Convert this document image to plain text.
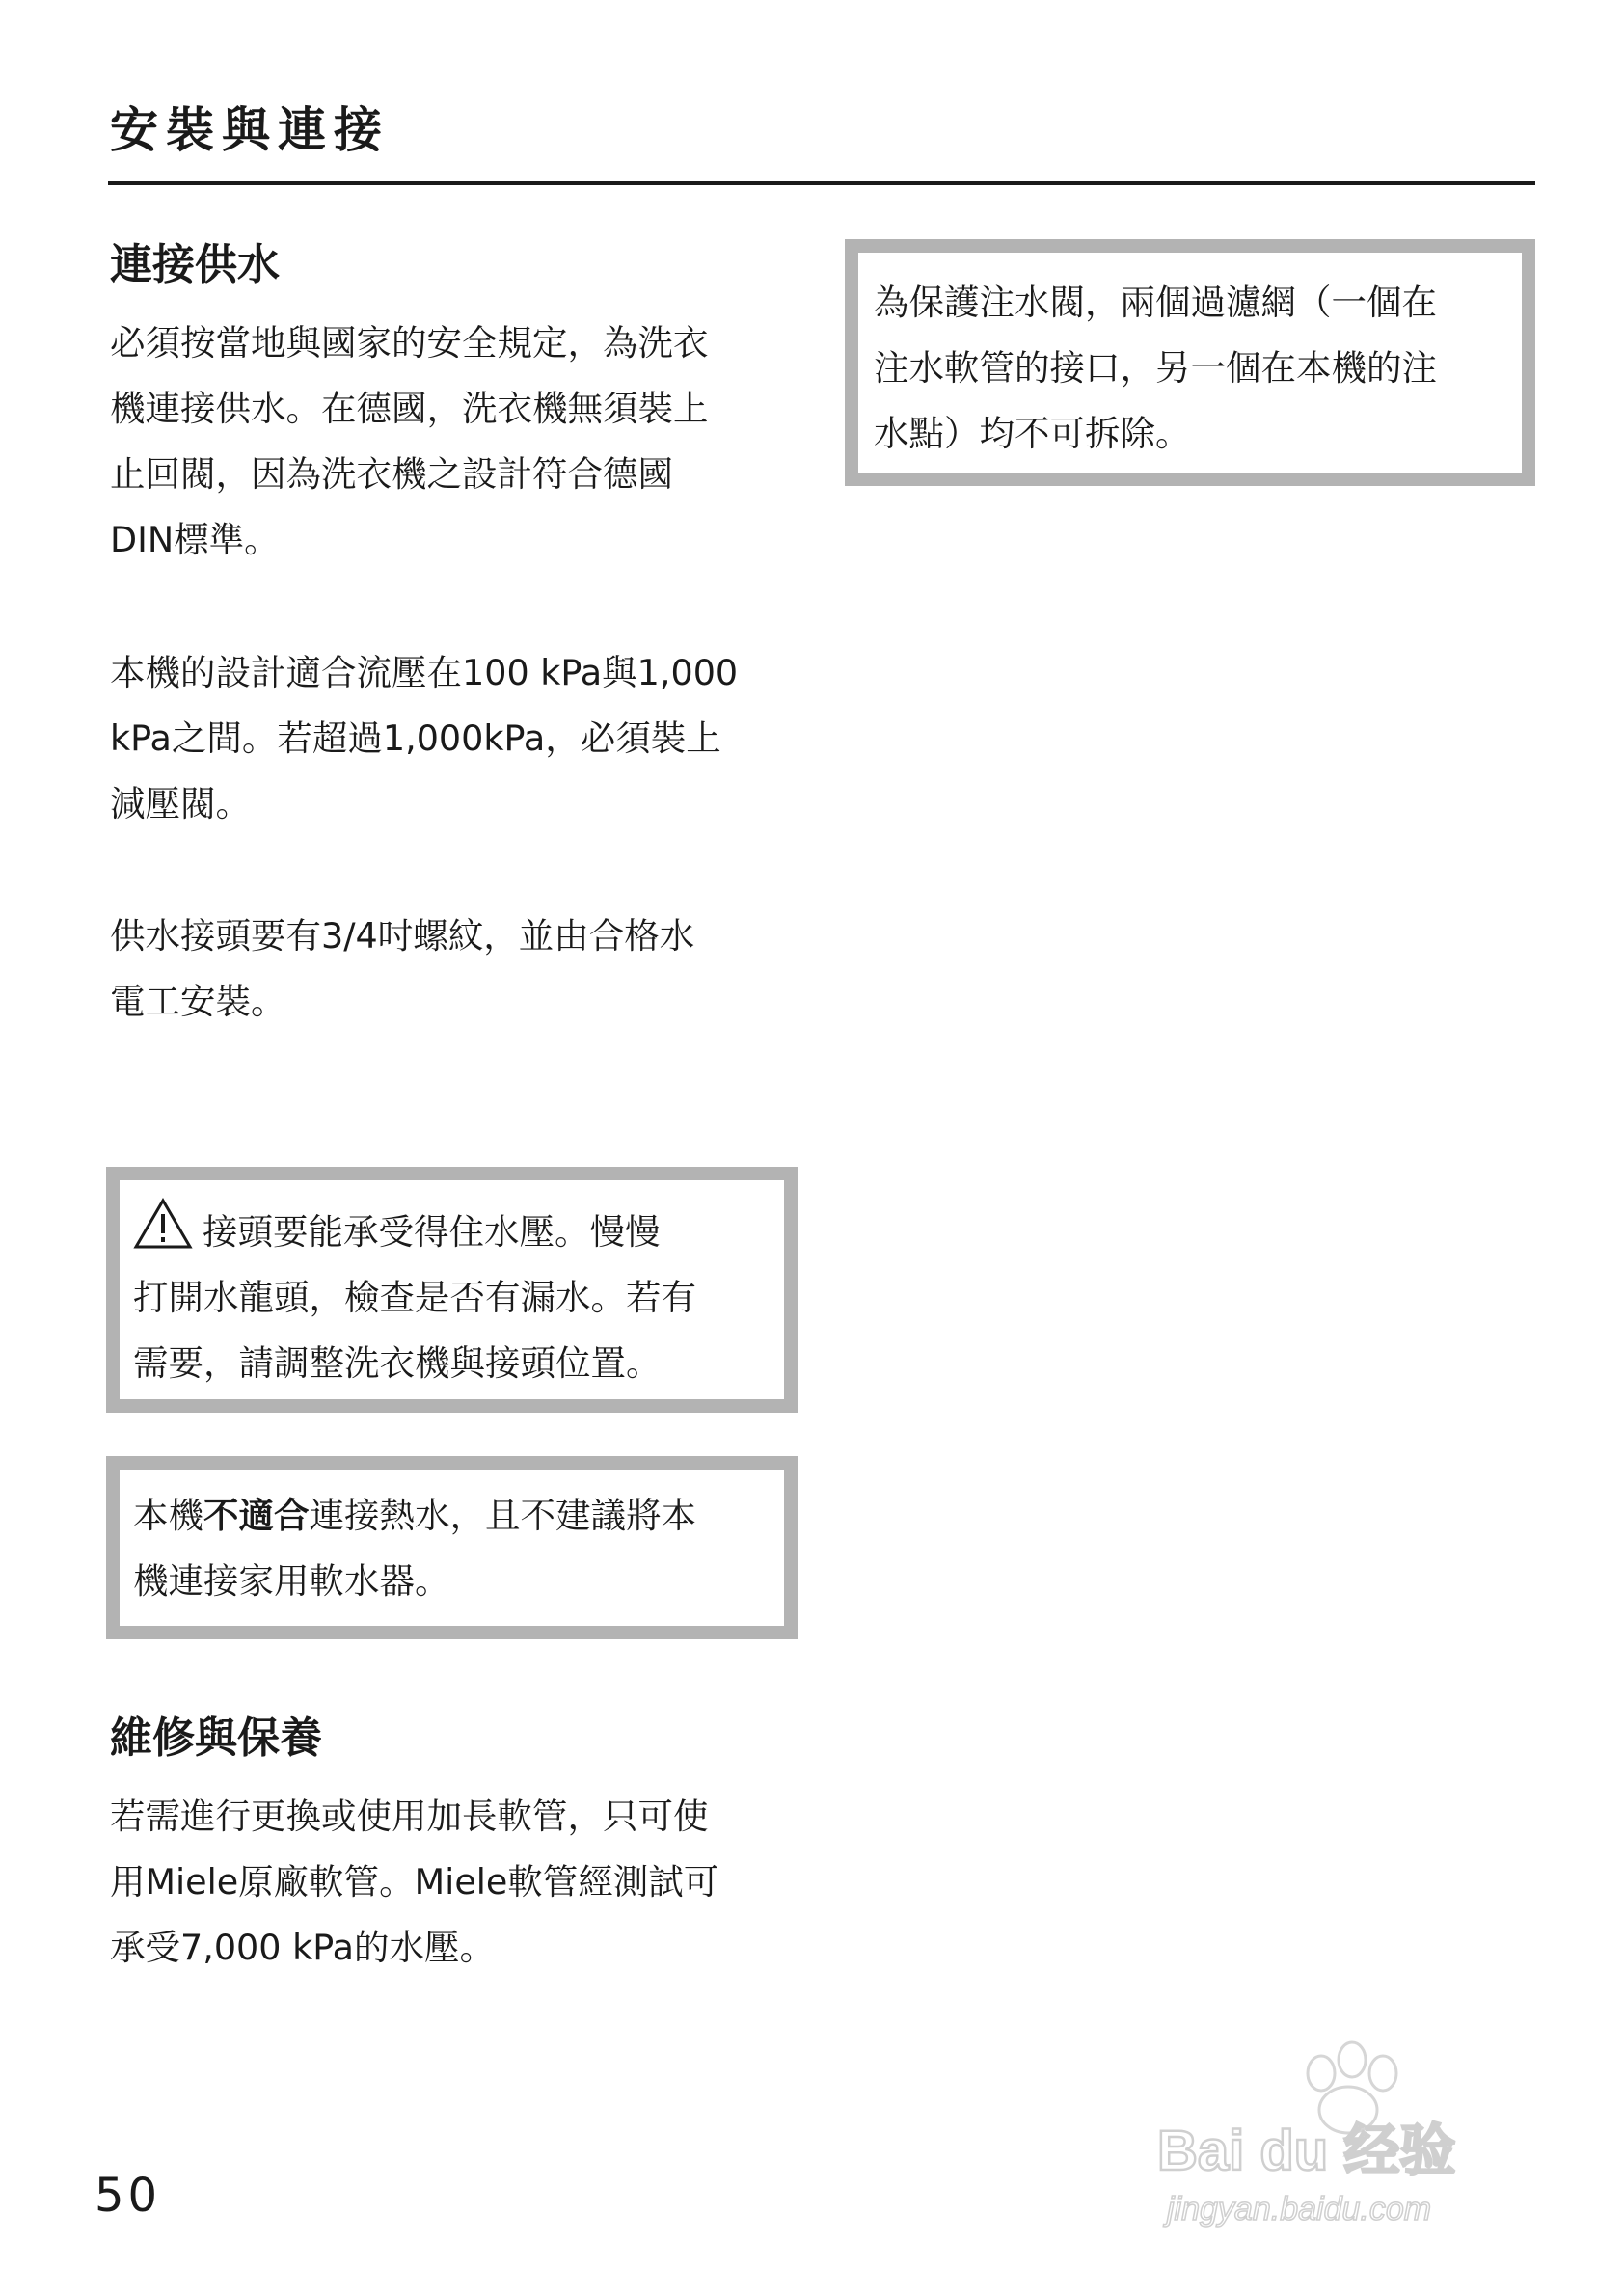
安裝與連接
連接供水
必須按當地與國家的安全規定，為洗衣
機連接供水。在德國，洗衣機無須裝上
止回閥，因為洗衣機之設計符合德國
DIN標準。
本機的設計適合流壓在100 kPa與1,000
kPa之間。若超過1,000kPa，必須裝上
減壓閥。
供水接頭要有3/4吋螺紋，並由合格水
電工安裝。
接頭要能承受得住水壓。慢慢
打開水龍頭，檢查是否有漏水。若有
需要，請調整洗衣機與接頭位置。
本機不適合連接熱水，且不建議將本
機連接家用軟水器。
維修與保養
若需進行更換或使用加長軟管，只可使
用Miele原廠軟管。Miele軟管經測試可
承受7,000 kPa的水壓。
為保護注水閥，兩個過濾網（一個在
注水軟管的接口，另一個在本機的注
水點）均不可拆除。
50
Bai du 经验
jingyan.baidu.com
